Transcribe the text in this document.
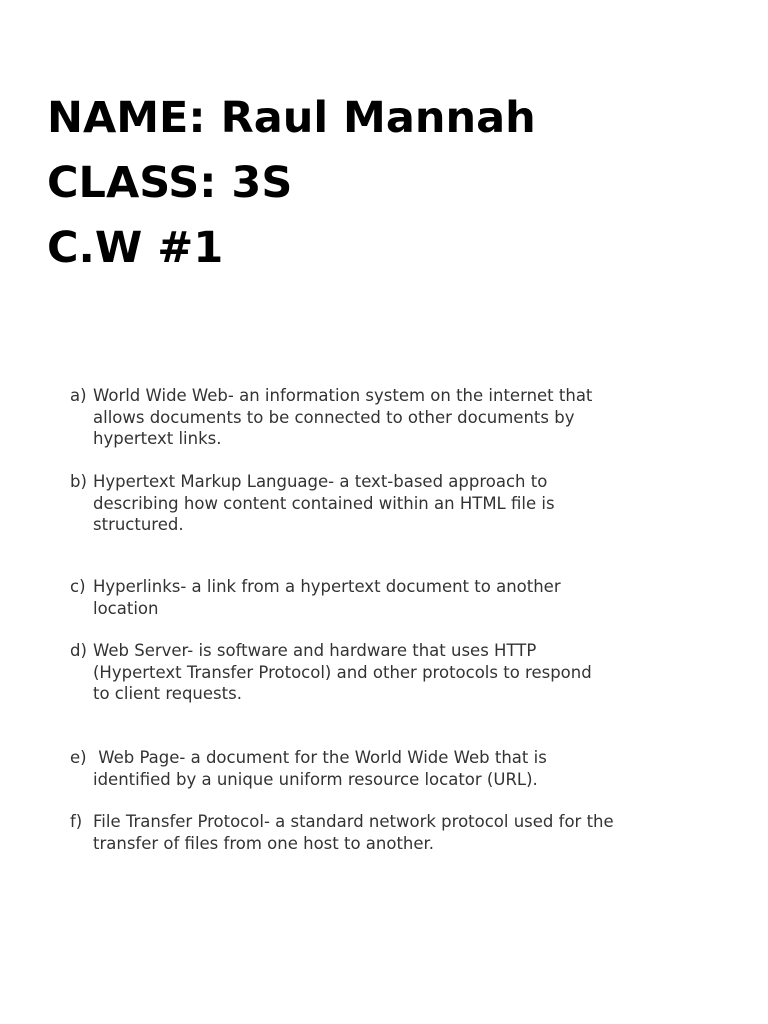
NAME: Raul Mannah
CLASS: 3S
C.W #1
a) World Wide Web- an information system on the internet that
allows documents to be connected to other documents by
hypertext links.
b) Hypertext Markup Language- a text-based approach to
describing how content contained within an HTML file is
structured.
c) Hyperlinks- a link from a hypertext document to another
location
d) Web Server- is software and hardware that uses HTTP
(Hypertext Transfer Protocol) and other protocols to respond
to client requests.
e) Web Page- a document for the World Wide Web that is
identified by a unique uniform resource locator (URL).
f) File Transfer Protocol- a standard network protocol used for the
transfer of files from one host to another.
